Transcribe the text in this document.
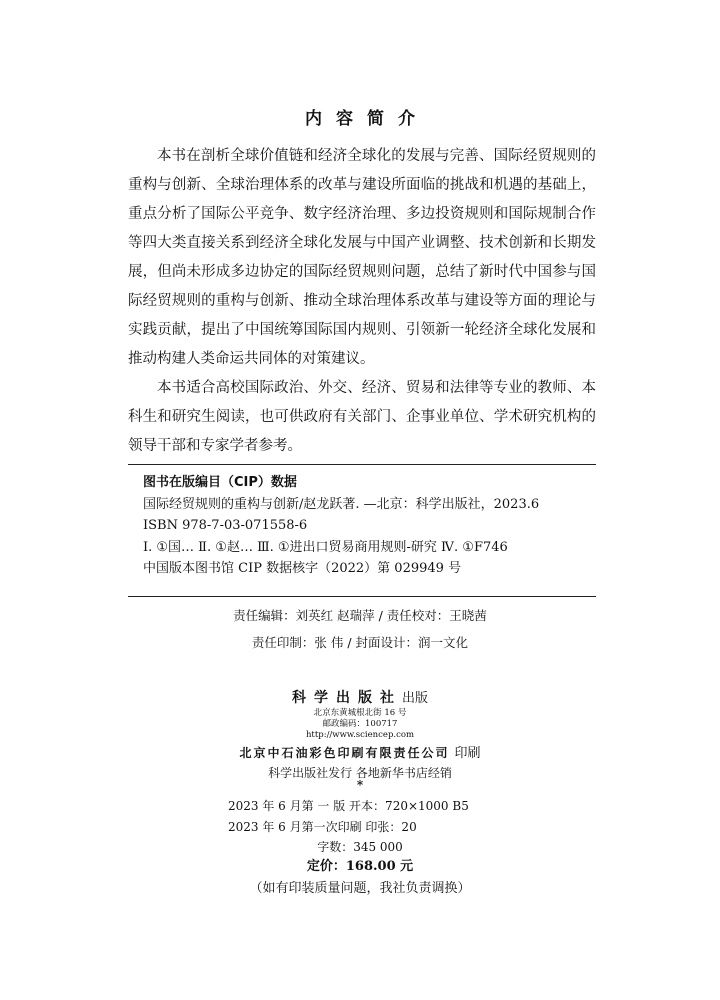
内容简介

本书在剖析全球价值链和经济全球化的发展与完善、国际经贸规则的重构与创新、全球治理体系的改革与建设所面临的挑战和机遇的基础上，重点分析了国际公平竞争、数字经济治理、多边投资规则和国际规制合作等四大类直接关系到经济全球化发展与中国产业调整、技术创新和长期发展，但尚未形成多边协定的国际经贸规则问题，总结了新时代中国参与国际经贸规则的重构与创新、推动全球治理体系改革与建设等方面的理论与实践贡献，提出了中国统筹国际国内规则、引领新一轮经济全球化发展和推动构建人类命运共同体的对策建议。

本书适合高校国际政治、外交、经济、贸易和法律等专业的教师、本科生和研究生阅读，也可供政府有关部门、企事业单位、学术研究机构的领导干部和专家学者参考。

图书在版编目（CIP）数据
国际经贸规则的重构与创新/赵龙跃著. —北京：科学出版社，2023.6
ISBN 978-7-03-071558-6
Ⅰ. ①国… Ⅱ. ①赵… Ⅲ. ①进出口贸易商用规则-研究 Ⅳ. ①F746
中国版本图书馆 CIP 数据核字（2022）第 029949 号
责任编辑：刘英红 赵瑞萍 / 责任校对：王晓茜
责任印制：张 伟 / 封面设计：润一文化
科学出版社出版
北京东黄城根北街 16 号
邮政编码：100717
http://www.sciencep.com
北京中石油彩色印刷有限责任公司 印刷
科学出版社发行 各地新华书店经销
*
2023 年 6 月第 一 版 开本：720×1000 B5
2023 年 6 月第一次印刷 印张：20
字数：345 000
定价：168.00 元
（如有印装质量问题，我社负责调换）
